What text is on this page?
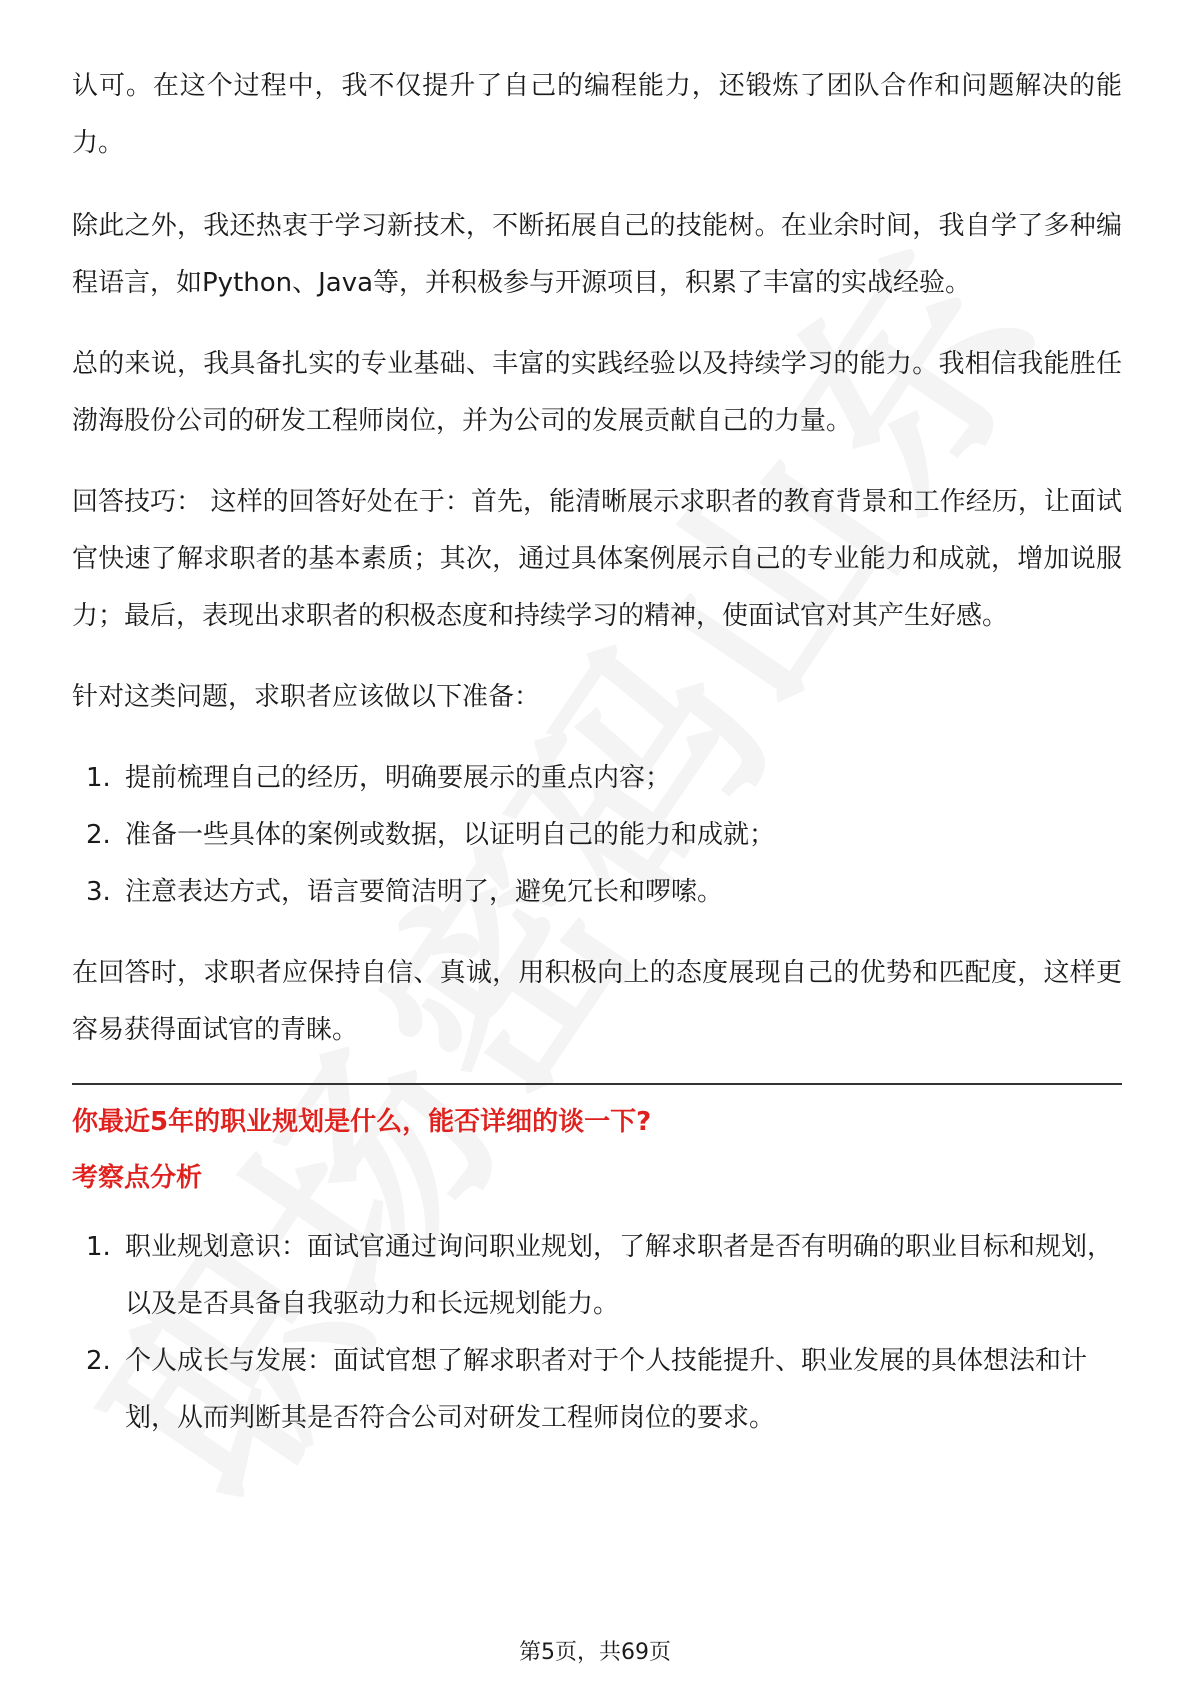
认可。在这个过程中，我不仅提升了自己的编程能力，还锻炼了团队合作和问题解决的能力。

除此之外，我还热衷于学习新技术，不断拓展自己的技能树。在业余时间，我自学了多种编程语言，如Python、Java等，并积极参与开源项目，积累了丰富的实战经验。

总的来说，我具备扎实的专业基础、丰富的实践经验以及持续学习的能力。我相信我能胜任渤海股份公司的研发工程师岗位，并为公司的发展贡献自己的力量。

回答技巧： 这样的回答好处在于：首先，能清晰展示求职者的教育背景和工作经历，让面试官快速了解求职者的基本素质；其次，通过具体案例展示自己的专业能力和成就，增加说服力；最后，表现出求职者的积极态度和持续学习的精神，使面试官对其产生好感。

针对这类问题，求职者应该做以下准备：

1. 提前梳理自己的经历，明确要展示的重点内容；
2. 准备一些具体的案例或数据，以证明自己的能力和成就；
3. 注意表达方式，语言要简洁明了，避免冗长和啰嗦。

在回答时，求职者应保持自信、真诚，用积极向上的态度展现自己的优势和匹配度，这样更容易获得面试官的青睐。

你最近5年的职业规划是什么，能否详细的谈一下?

考察点分析

1. 职业规划意识：面试官通过询问职业规划，了解求职者是否有明确的职业目标和规划，以及是否具备自我驱动力和长远规划能力。
2. 个人成长与发展：面试官想了解求职者对于个人技能提升、职业发展的具体想法和计划，从而判断其是否符合公司对研发工程师岗位的要求。
第5页，共69页
